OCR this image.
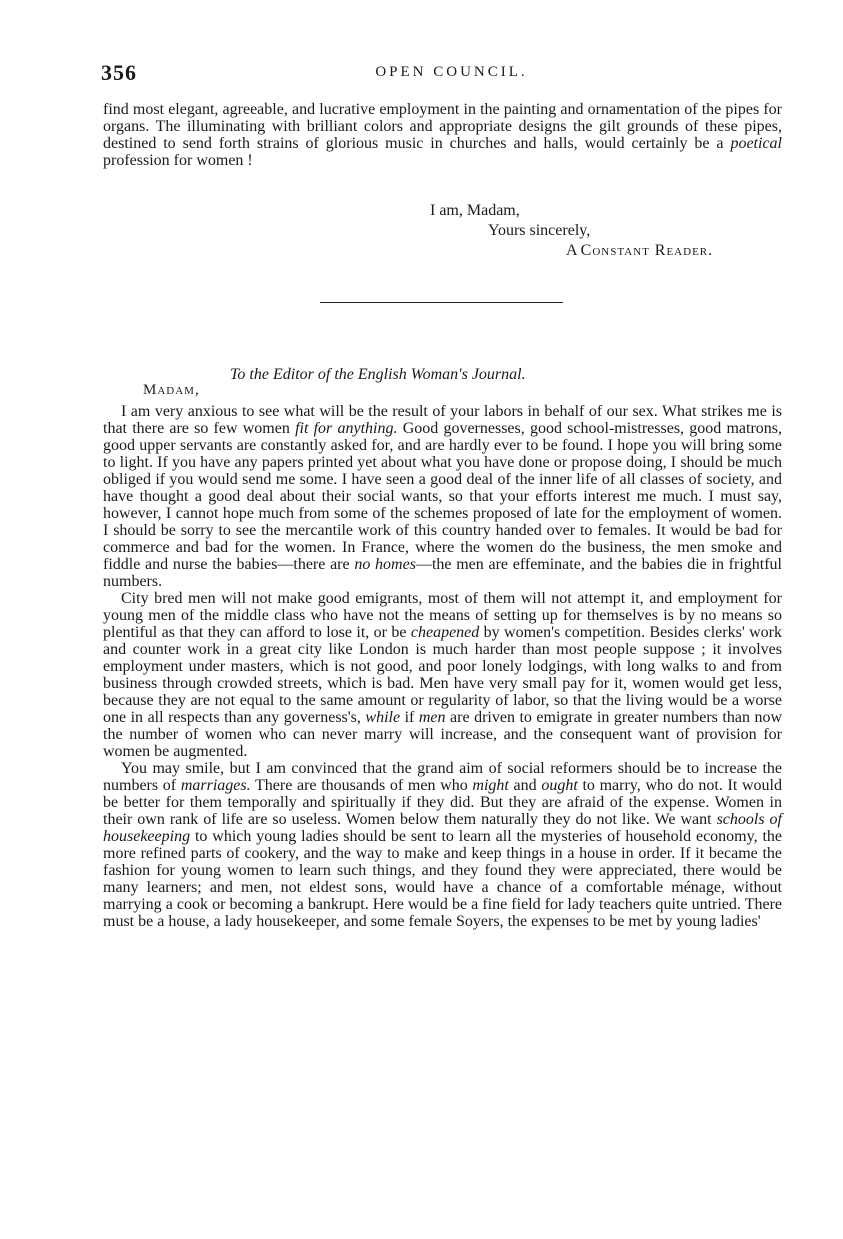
356	OPEN COUNCIL.

find most elegant, agreeable, and lucrative employment in the painting and ornamentation of the pipes for organs. The illuminating with brilliant colors and appropriate designs the gilt grounds of these pipes, destined to send forth strains of glorious music in churches and halls, would certainly be a poetical profession for women !

I am, Madam,
Yours sincerely,
A Constant Reader.
To the Editor of the English Woman's Journal.
Madam,

I am very anxious to see what will be the result of your labors in behalf of our sex. What strikes me is that there are so few women fit for anything. Good governesses, good school-mistresses, good matrons, good upper servants are constantly asked for, and are hardly ever to be found. I hope you will bring some to light. If you have any papers printed yet about what you have done or propose doing, I should be much obliged if you would send me some. I have seen a good deal of the inner life of all classes of society, and have thought a good deal about their social wants, so that your efforts interest me much. I must say, however, I cannot hope much from some of the schemes proposed of late for the employment of women. I should be sorry to see the mercantile work of this country handed over to females. It would be bad for commerce and bad for the women. In France, where the women do the business, the men smoke and fiddle and nurse the babies—there are no homes—the men are effeminate, and the babies die in frightful numbers.

City bred men will not make good emigrants, most of them will not attempt it, and employment for young men of the middle class who have not the means of setting up for themselves is by no means so plentiful as that they can afford to lose it, or be cheapened by women's competition. Besides clerks' work and counter work in a great city like London is much harder than most people suppose ; it involves employment under masters, which is not good, and poor lonely lodgings, with long walks to and from business through crowded streets, which is bad. Men have very small pay for it, women would get less, because they are not equal to the same amount or regularity of labor, so that the living would be a worse one in all respects than any governess's, while if men are driven to emigrate in greater numbers than now the number of women who can never marry will increase, and the consequent want of provision for women be augmented.

You may smile, but I am convinced that the grand aim of social reformers should be to increase the numbers of marriages. There are thousands of men who might and ought to marry, who do not. It would be better for them temporally and spiritually if they did. But they are afraid of the expense. Women in their own rank of life are so useless. Women below them naturally they do not like. We want schools of housekeeping to which young ladies should be sent to learn all the mysteries of household economy, the more refined parts of cookery, and the way to make and keep things in a house in order. If it became the fashion for young women to learn such things, and they found they were appreciated, there would be many learners; and men, not eldest sons, would have a chance of a comfortable ménage, without marrying a cook or becoming a bankrupt. Here would be a fine field for lady teachers quite untried. There must be a house, a lady housekeeper, and some female Soyers, the expenses to be met by young ladies'
